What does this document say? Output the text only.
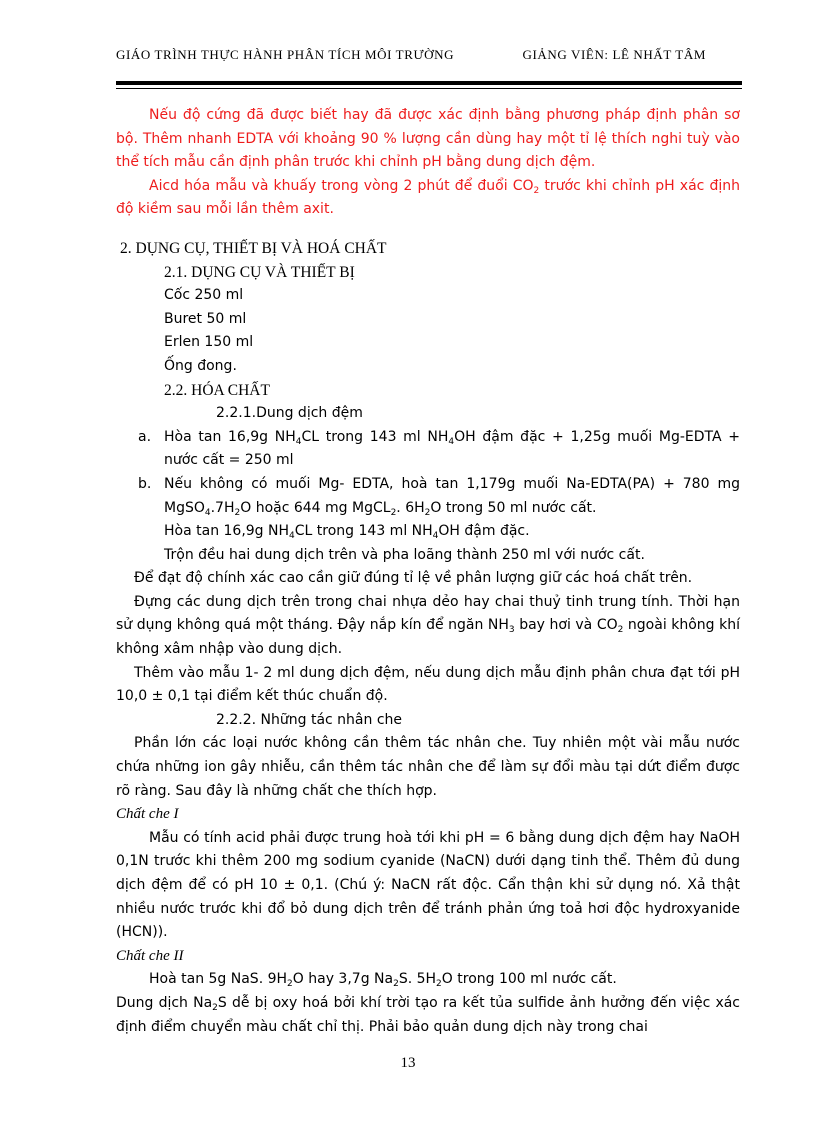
GIÁO TRÌNH THỰC HÀNH PHÂN TÍCH MÔI TRƯỜNG	GIẢNG VIÊN: LÊ NHẤT TÂM

Nếu độ cứng đã được biết hay đã được xác định bằng phương pháp định phân sơ bộ. Thêm nhanh EDTA với khoảng 90 % lượng cần dùng hay một tỉ lệ thích nghi tuỳ vào thể tích mẫu cần định phân trước khi chỉnh pH bằng dung dịch đệm.

Aicd hóa mẫu và khuấy trong vòng 2 phút để đuổi $CO_2$ trước khi chỉnh pH xác định độ kiềm sau mỗi lần thêm axit.

2. DỤNG CỤ, THIẾT BỊ VÀ HOÁ CHẤT

2.1. DỤNG CỤ VÀ THIẾT BỊ

Cốc 250 ml

Buret 50 ml

Erlen 150 ml

Ống đong.

2.2. HÓA CHẤT

2.2.1.Dung dịch đệm

a. Hòa tan 16,9g $NH_4CL$ trong 143 ml $NH_4OH$ đậm đặc + 1,25g muối Mg-EDTA + nước cất = 250 ml

b. Nếu không có muối Mg- EDTA, hoà tan 1,179g muối Na-EDTA(PA) + 780 mg $MgSO_4.7H_2O$ hoặc 644 mg MgCL$_2$. $6H_2O$ trong 50 ml nước cất.

Hòa tan 16,9g $NH_4CL$ trong 143 ml $NH_4OH$ đậm đặc.

Trộn đều hai dung dịch trên và pha loãng thành 250 ml với nước cất.

Để đạt độ chính xác cao cần giữ đúng tỉ lệ về phân lượng giữ các hoá chất trên.

Đựng các dung dịch trên trong chai nhựa dẻo hay chai thuỷ tinh trung tính. Thời hạn sử dụng không quá một tháng. Đậy nắp kín để ngăn $NH_3$ bay hơi và $CO_2$ ngoài không khí không xâm nhập vào dung dịch.

Thêm vào mẫu 1- 2 ml dung dịch đệm, nếu dung dịch mẫu định phân chưa đạt tới pH 10,0 ± 0,1 tại điểm kết thúc chuẩn độ.

2.2.2. Những tác nhân che

Phần lớn các loại nước không cần thêm tác nhân che. Tuy nhiên một vài mẫu nước chứa những ion gây nhiễu, cần thêm tác nhân che để làm sự đổi màu tại dứt điểm được rõ ràng. Sau đây là những chất che thích hợp.

Chất che I

Mẫu có tính acid phải được trung hoà tới khi pH = 6 bằng dung dịch đệm hay NaOH 0,1N trước khi thêm 200 mg sodium cyanide (NaCN) dưới dạng tinh thể. Thêm đủ dung dịch đệm để có pH 10 ± 0,1. (Chú ý: NaCN rất độc. Cẩn thận khi sử dụng nó. Xả thật nhiều nước trước khi đổ bỏ dung dịch trên để tránh phản ứng toả hơi độc hydroxyanide (HCN)).

Chất che II

Hoà tan 5g NaS. $9H_2O$ hay 3,7g $Na_2S$. $5H_2O$ trong 100 ml nước cất.

Dung dịch $Na_2S$ dễ bị oxy hoá bởi khí trời tạo ra kết tủa sulfide ảnh hưởng đến việc xác định điểm chuyển màu chất chỉ thị. Phải bảo quản dung dịch này trong chai

13
